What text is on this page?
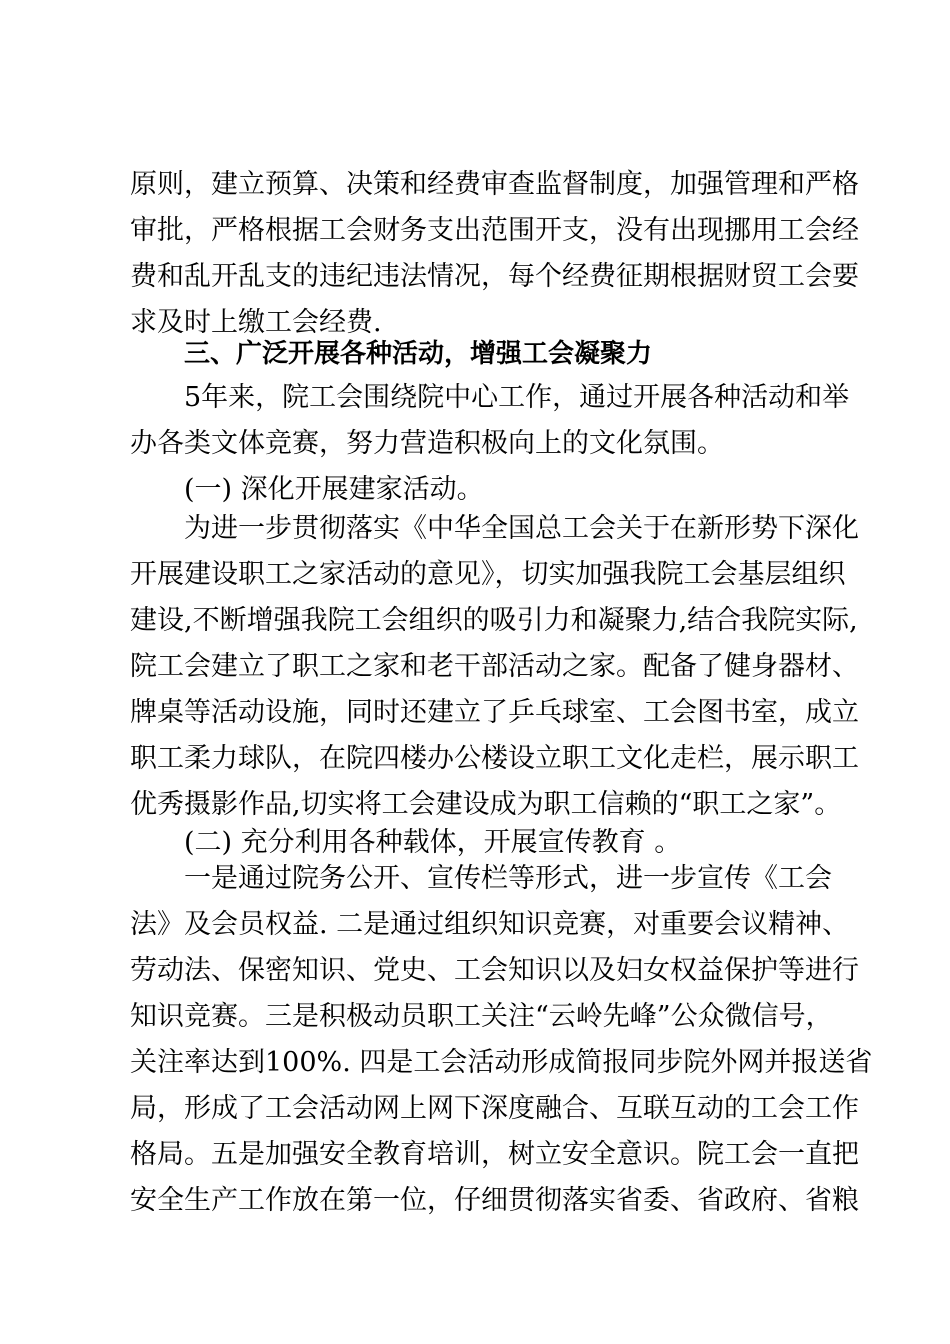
原则，建立预算、决策和经费审查监督制度，加强管理和严格
审批，严格根据工会财务支出范围开支，没有出现挪用工会经
费和乱开乱支的违纪违法情况，每个经费征期根据财贸工会要
求及时上缴工会经费.
三、广泛开展各种活动，增强工会凝聚力
5年来，院工会围绕院中心工作，通过开展各种活动和举
办各类文体竞赛，努力营造积极向上的文化氛围。
(一) 深化开展建家活动。
为进一步贯彻落实《中华全国总工会关于在新形势下深化
开展建设职工之家活动的意见》，切实加强我院工会基层组织
建设,不断增强我院工会组织的吸引力和凝聚力,结合我院实际,
院工会建立了职工之家和老干部活动之家。配备了健身器材、
牌桌等活动设施，同时还建立了乒乓球室、工会图书室，成立
职工柔力球队，在院四楼办公楼设立职工文化走栏，展示职工
优秀摄影作品,切实将工会建设成为职工信赖的“职工之家”。
(二) 充分利用各种载体，开展宣传教育 。
一是通过院务公开、宣传栏等形式，进一步宣传《工会
法》及会员权益. 二是通过组织知识竞赛，对重要会议精神、
劳动法、保密知识、党史、工会知识以及妇女权益保护等进行
知识竞赛。三是积极动员职工关注“云岭先峰”公众微信号，
关注率达到100%. 四是工会活动形成简报同步院外网并报送省
局，形成了工会活动网上网下深度融合、互联互动的工会工作
格局。五是加强安全教育培训，树立安全意识。院工会一直把
安全生产工作放在第一位，仔细贯彻落实省委、省政府、省粮
